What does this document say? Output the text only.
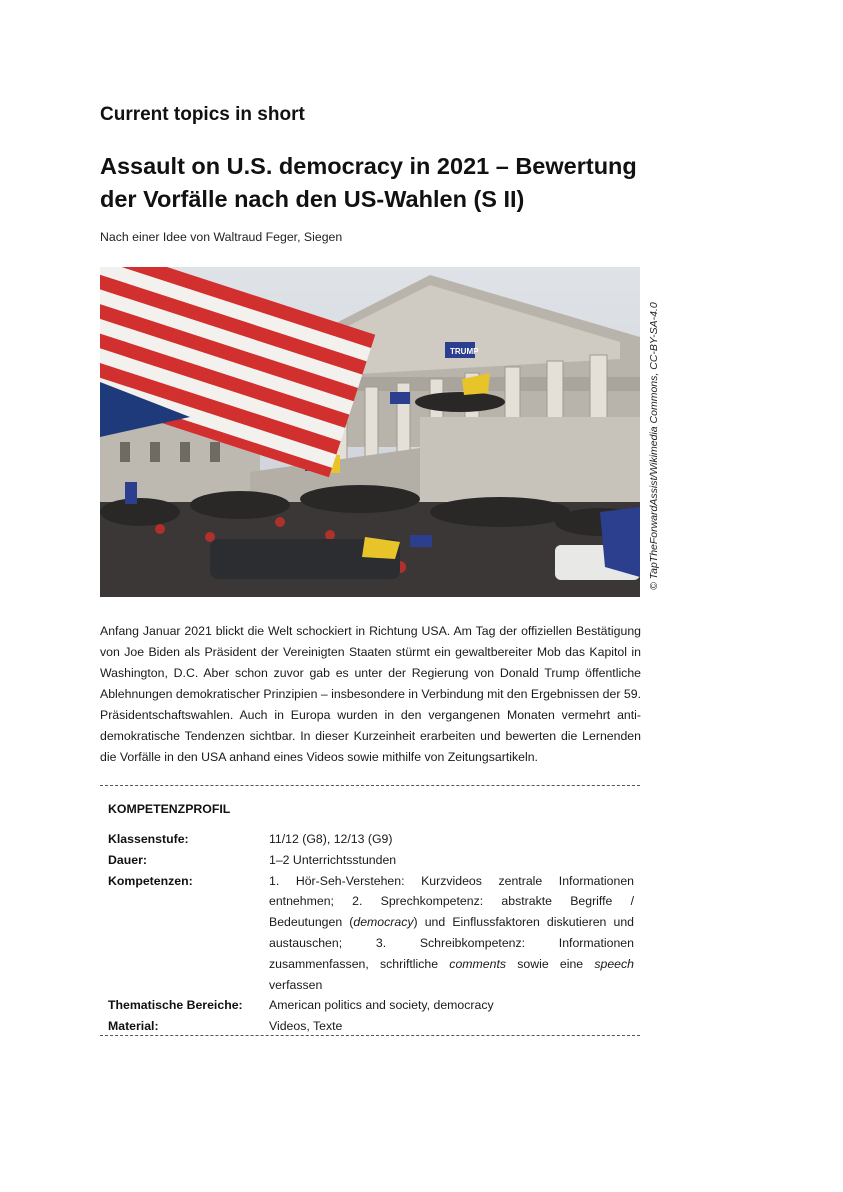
Current topics in short
Assault on U.S. democracy in 2021 – Bewertung der Vorfälle nach den US-Wahlen (S II)
Nach einer Idee von Waltraud Feger, Siegen
TRUMP	© TapTheForwardAssist/Wikimedia Commons, CC-BY-SA-4.0

Anfang Januar 2021 blickt die Welt schockiert in Richtung USA. Am Tag der offiziellen Bestätigung von Joe Biden als Präsident der Vereinigten Staaten stürmt ein gewaltbereiter Mob das Kapitol in Washington, D.C. Aber schon zuvor gab es unter der Regierung von Donald Trump öffentliche Ablehnungen demokratischer Prinzipien – insbesondere in Verbindung mit den Ergebnissen der 59. Präsidentschaftswahlen. Auch in Europa wurden in den vergangenen Monaten vermehrt anti-demokratische Tendenzen sichtbar. In dieser Kurzeinheit erarbeiten und bewerten die Lernenden die Vorfälle in den USA anhand eines Videos sowie mithilfe von Zeitungsartikeln.

KOMPETENZPROFIL
Klassenstufe:	11/12 (G8), 12/13 (G9)
Dauer:	1–2 Unterrichtsstunden
Kompetenzen:	1. Hör-Seh-Verstehen: Kurzvideos zentrale Informationen entnehmen; 2. Sprechkompetenz: abstrakte Begriffe / Bedeutungen (democracy) und Einflussfaktoren diskutieren und austauschen; 3. Schreibkompetenz: Informationen zusammenfassen, schriftliche comments sowie eine speech verfassen
Thematische Bereiche:	American politics and society, democracy
Material:	Videos, Texte
